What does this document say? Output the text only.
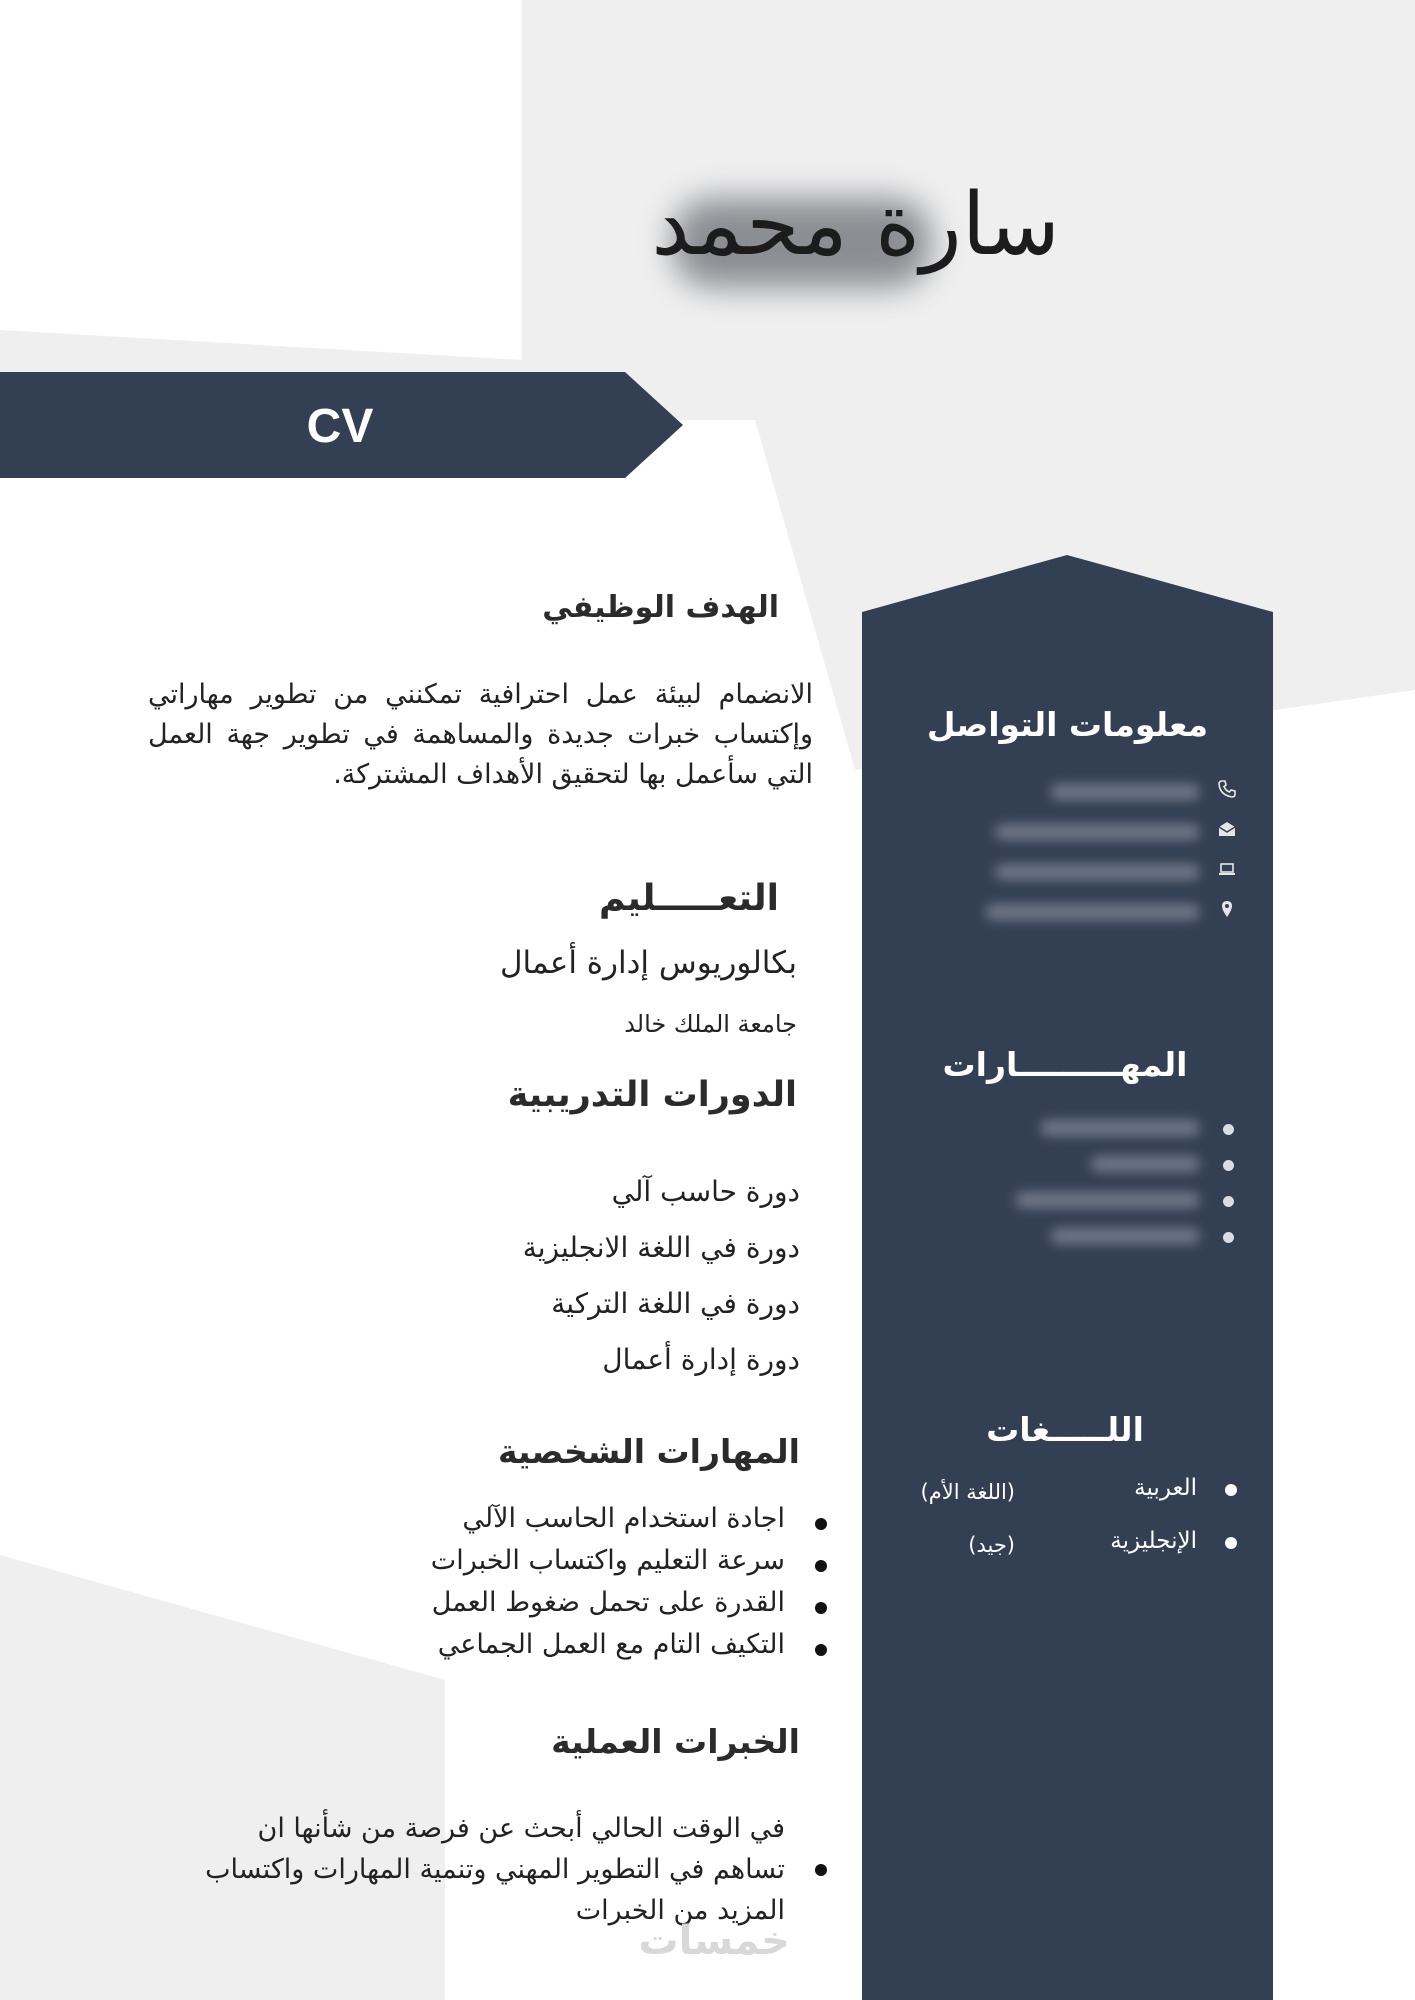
سارة محمد
CV
الهدف الوظيفي
الانضمام لبيئة عمل احترافية تمكنني من تطوير مهاراتي وإكتساب خبرات جديدة والمساهمة في تطوير جهة العمل التي سأعمل بها لتحقيق الأهداف المشتركة.
التعـــــليم
بكالوريوس إدارة أعمال
جامعة الملك خالد
الدورات التدريبية
دورة حاسب آلي
دورة في اللغة الانجليزية
دورة في اللغة التركية
دورة إدارة أعمال
المهارات الشخصية
اجادة استخدام الحاسب الآلي
سرعة التعليم واكتساب الخبرات
القدرة على تحمل ضغوط العمل
التكيف التام مع العمل الجماعي
الخبرات العملية
في الوقت الحالي أبحث عن فرصة من شأنها ان تساهم في التطوير المهني وتنمية المهارات واكتساب المزيد من الخبرات
خمسات
معلومات التواصل
المهـــــــــارات
اللـــــغات
العربية
(اللغة الأم)
الإنجليزية
(جيد)
